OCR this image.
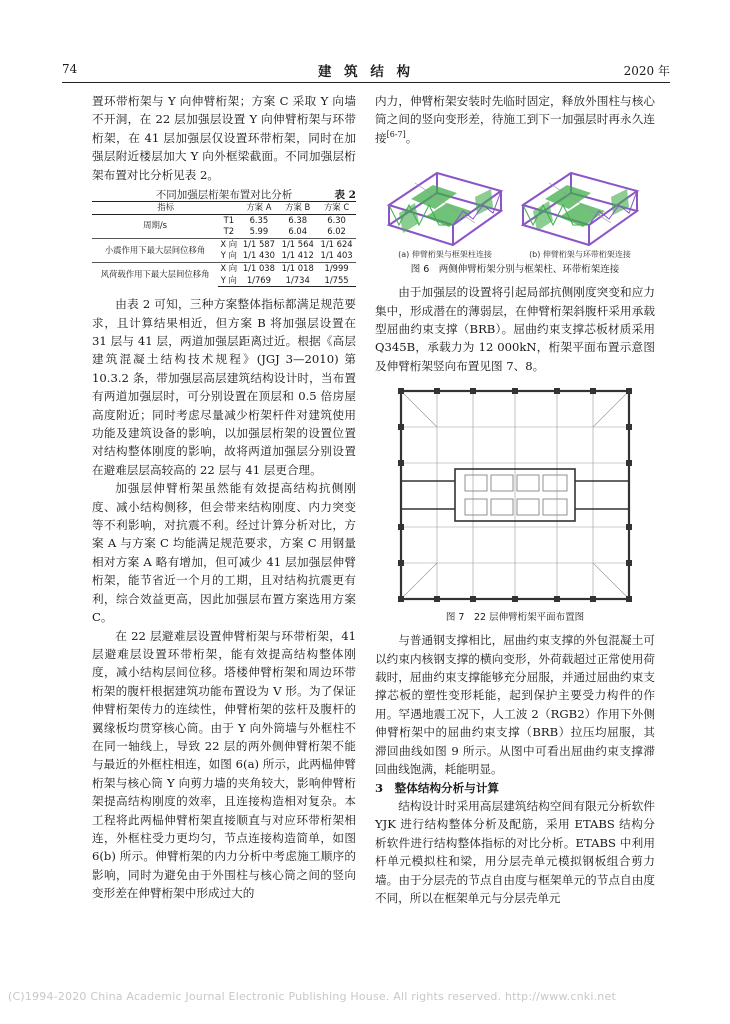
74	建 筑 结 构	2020 年

置环带桁架与 Y 向伸臂桁架；方案 C 采取 Y 向墙不开洞，在 22 层加强层设置 Y 向伸臂桁架与环带桁架，在 41 层加强层仅设置环带桁架，同时在加强层附近楼层加大 Y 向外框梁截面。不同加强层桁架布置对比分析见表 2。

不同加强层桁架布置对比分析	表 2
指标		方案 A	方案 B	方案 C
周期/s	T1	6.35	6.38	6.30
	T2	5.99	6.04	6.02
小震作用下最大层间位移角	X 向	1/1 587	1/1 564	1/1 624
	Y 向	1/1 430	1/1 412	1/1 403
风荷载作用下最大层间位移角	X 向	1/1 038	1/1 018	1/999
	Y 向	1/769	1/734	1/755

由表 2 可知，三种方案整体指标都满足规范要求，且计算结果相近，但方案 B 将加强层设置在 31 层与 41 层，两道加强层距离过近。根据《高层建筑混凝土结构技术规程》(JGJ 3—2010) 第 10.3.2 条，带加强层高层建筑结构设计时，当布置有两道加强层时，可分别设置在顶层和 0.5 倍房屋高度附近；同时考虑尽量减少桁架杆件对建筑使用功能及建筑设备的影响，以加强层桁架的设置位置对结构整体刚度的影响，故将两道加强层分别设置在避难层层高较高的 22 层与 41 层更合理。

加强层伸臂桁架虽然能有效提高结构抗侧刚度、减小结构侧移，但会带来结构刚度、内力突变等不利影响，对抗震不利。经过计算分析对比，方案 A 与方案 C 均能满足规范要求，方案 C 用钢量相对方案 A 略有增加，但可减少 41 层加强层伸臂桁架，能节省近一个月的工期，且对结构抗震更有利，综合效益更高，因此加强层布置方案选用方案 C。

在 22 层避难层设置伸臂桁架与环带桁架，41 层避难层设置环带桁架，能有效提高结构整体刚度，减小结构层间位移。塔楼伸臂桁架和周边环带桁架的腹杆根据建筑功能布置设为 V 形。为了保证伸臂桁架传力的连续性，伸臂桁架的弦杆及腹杆的翼缘板均贯穿核心筒。由于 Y 向外筒墙与外框柱不在同一轴线上，导致 22 层的两外侧伸臂桁架不能与最近的外框柱相连，如图 6(a) 所示，此两榀伸臂桁架与核心筒 Y 向剪力墙的夹角较大，影响伸臂桁架提高结构刚度的效率，且连接构造相对复杂。本工程将此两榀伸臂桁架直接顺直与对应环带桁架相连，外框柱受力更均匀，节点连接构造简单，如图 6(b) 所示。伸臂桁架的内力分析中考虑施工顺序的影响，同时为避免由于外围柱与核心筒之间的竖向变形差在伸臂桁架中形成过大的

内力，伸臂桁架安装时先临时固定，释放外围柱与核心筒之间的竖向变形差，待施工到下一加强层时再永久连接[6-7]。

(a) 伸臂桁架与框架柱连接	(b) 伸臂桁架与环带桁架连接
图 6　两侧伸臂桁架分别与框架柱、环带桁架连接

由于加强层的设置将引起局部抗侧刚度突变和应力集中，形成潜在的薄弱层，在伸臂桁架斜腹杆采用承载型屈曲约束支撑（BRB）。屈曲约束支撑芯板材质采用 Q345B，承载力为 12 000kN，桁架平面布置示意图及伸臂桁架竖向布置见图 7、8。

图 7　22 层伸臂桁架平面布置图

与普通钢支撑相比，屈曲约束支撑的外包混凝土可以约束内核钢支撑的横向变形，外荷载超过正常使用荷载时，屈曲约束支撑能够充分屈服，并通过屈曲约束支撑芯板的塑性变形耗能，起到保护主要受力构件的作用。罕遇地震工况下，人工波 2（RGB2）作用下外侧伸臂桁架中的屈曲约束支撑（BRB）拉压均屈服，其滞回曲线如图 9 所示。从图中可看出屈曲约束支撑滞回曲线饱满，耗能明显。

3　整体结构分析与计算

结构设计时采用高层建筑结构空间有限元分析软件 YJK 进行结构整体分析及配筋，采用 ETABS 结构分析软件进行结构整体指标的对比分析。ETABS 中利用杆单元模拟柱和梁，用分层壳单元模拟钢板组合剪力墙。由于分层壳的节点自由度与框架单元的节点自由度不同，所以在框架单元与分层壳单元

(C)1994-2020 China Academic Journal Electronic Publishing House. All rights reserved. http://www.cnki.net
